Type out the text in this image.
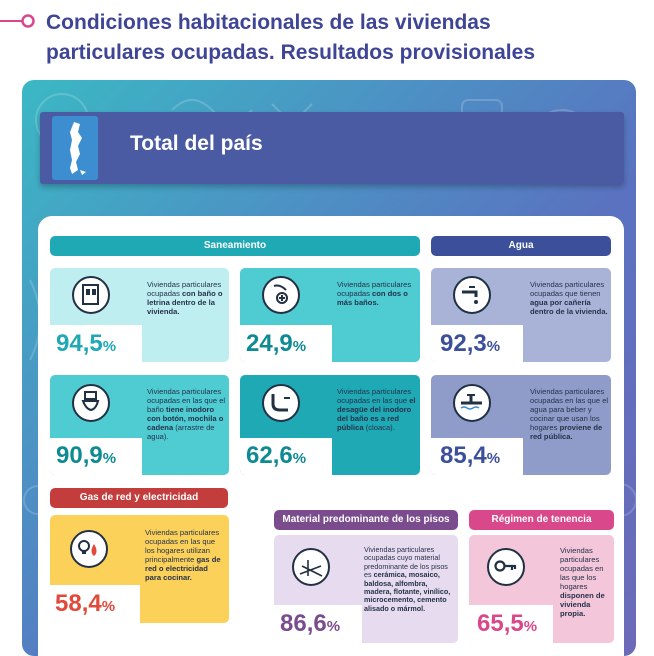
Condiciones habitacionales de las viviendas
particulares ocupadas. Resultados provisionales
Total del país
Saneamiento	Agua
Gas de red y electricidad
Material predominante de los pisos	Régimen de tenencia
94,5%
Viviendas particulares ocupadas con baño o letrina dentro de la vivienda.
24,9%
Viviendas particulares ocupadas con dos o más baños.
92,3%
Viviendas particulares ocupadas que tienen agua por cañería dentro de la vivienda.
90,9%
Viviendas particulares ocupadas en las que el baño tiene inodoro con botón, mochila o cadena (arrastre de agua).
62,6%
Viviendas particulares ocupadas en las que el desagüe del inodoro del baño es a red pública (cloaca).
85,4%
Viviendas particulares ocupadas en las que el agua para beber y cocinar que usan los hogares proviene de red pública.
58,4%
Viviendas particulares ocupadas en las que los hogares utilizan principalmente gas de red o electricidad para cocinar.
86,6%
Viviendas particulares ocupadas cuyo material predominante de los pisos es cerámica, mosaico, baldosa, alfombra, madera, flotante, vinílico, microcemento, cemento alisado o mármol.
65,5%
Viviendas particulares ocupadas en las que los hogares disponen de vivienda propia.
